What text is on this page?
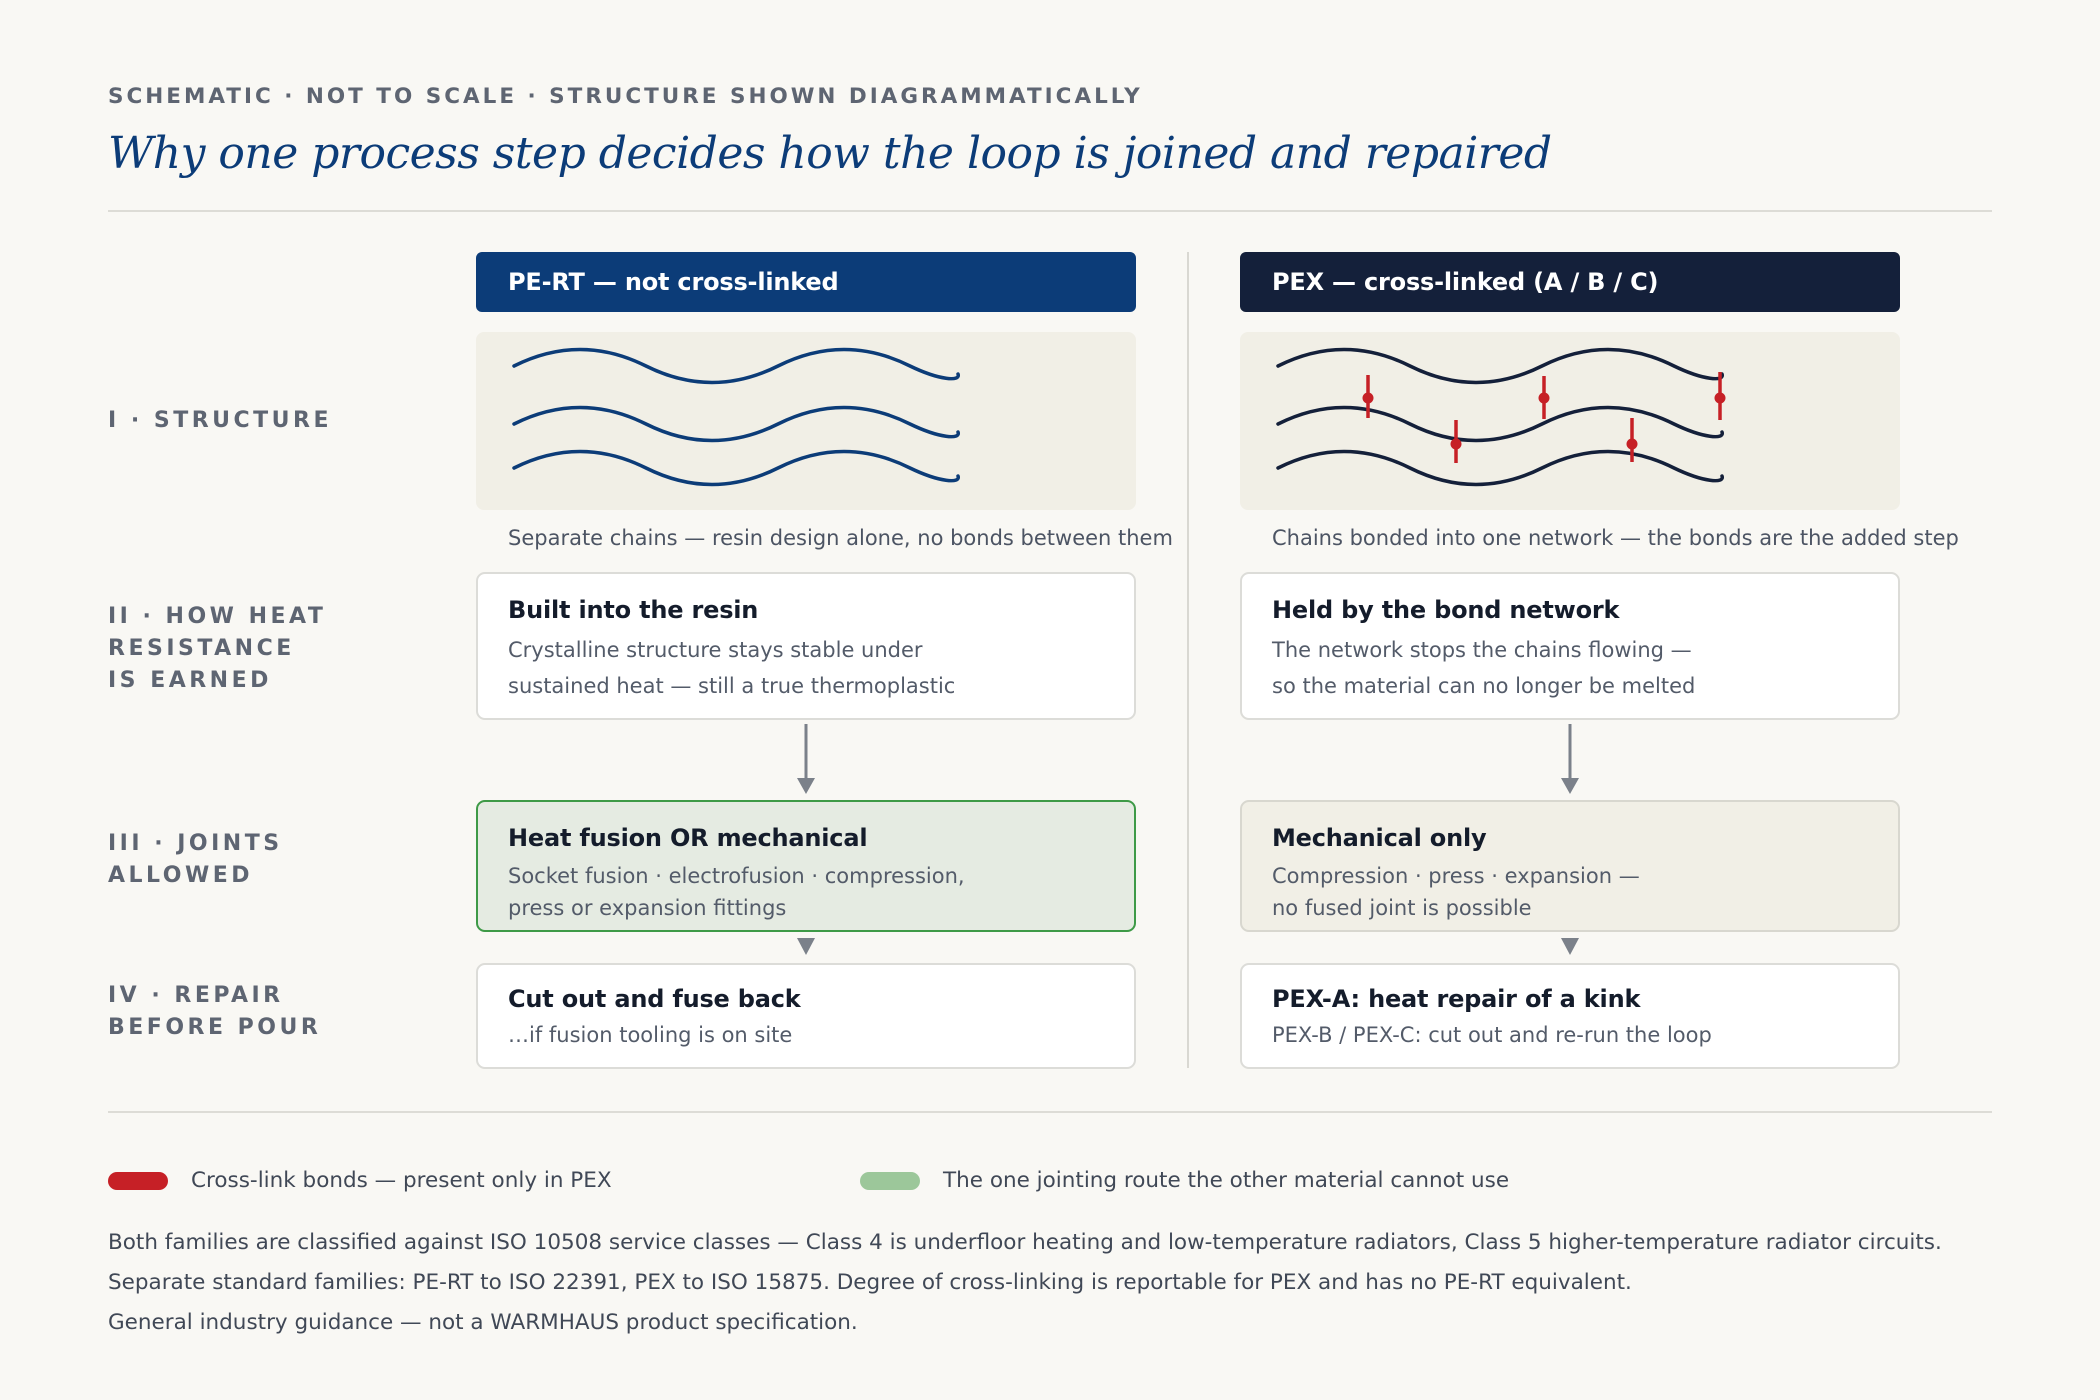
SCHEMATIC · NOT TO SCALE · STRUCTURE SHOWN DIAGRAMMATICALLY
Why one process step decides how the loop is joined and repaired
I · STRUCTURE
II · HOW HEAT
RESISTANCE
IS EARNED
III · JOINTS
ALLOWED
IV · REPAIR
BEFORE POUR
PE-RT — not cross-linked
Separate chains — resin design alone, no bonds between them
Built into the resin
Crystalline structure stays stable under
sustained heat — still a true thermoplastic
Heat fusion OR mechanical
Socket fusion · electrofusion · compression,
press or expansion fittings
Cut out and fuse back
…if fusion tooling is on site
PEX — cross-linked (A / B / C)
Chains bonded into one network — the bonds are the added step
Held by the bond network
The network stops the chains flowing —
so the material can no longer be melted
Mechanical only
Compression · press · expansion —
no fused joint is possible
PEX-A: heat repair of a kink
PEX-B / PEX-C: cut out and re-run the loop
Cross-link bonds — present only in PEX	The one jointing route the other material cannot use
Both families are classified against ISO 10508 service classes — Class 4 is underfloor heating and low-temperature radiators, Class 5 higher-temperature radiator circuits.
Separate standard families: PE-RT to ISO 22391, PEX to ISO 15875. Degree of cross-linking is reportable for PEX and has no PE-RT equivalent.
General industry guidance — not a WARMHAUS product specification.
